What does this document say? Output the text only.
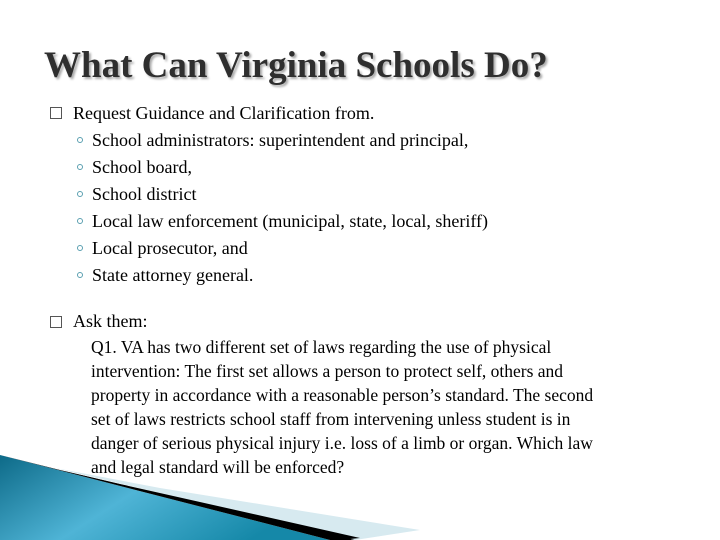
What Can Virginia Schools Do?
Request Guidance and Clarification from.
School administrators: superintendent and principal,
School board,
School district
Local law enforcement (municipal, state, local, sheriff)
Local prosecutor, and
State attorney general.
Ask them:
Q1. VA has two different set of laws regarding the use of physical
intervention: The first set allows a person to protect self, others and
property in accordance with a reasonable person’s standard. The second
set of laws restricts school staff from intervening unless student is in
danger of serious physical injury i.e. loss of a limb or organ. Which law
and legal standard will be enforced?
